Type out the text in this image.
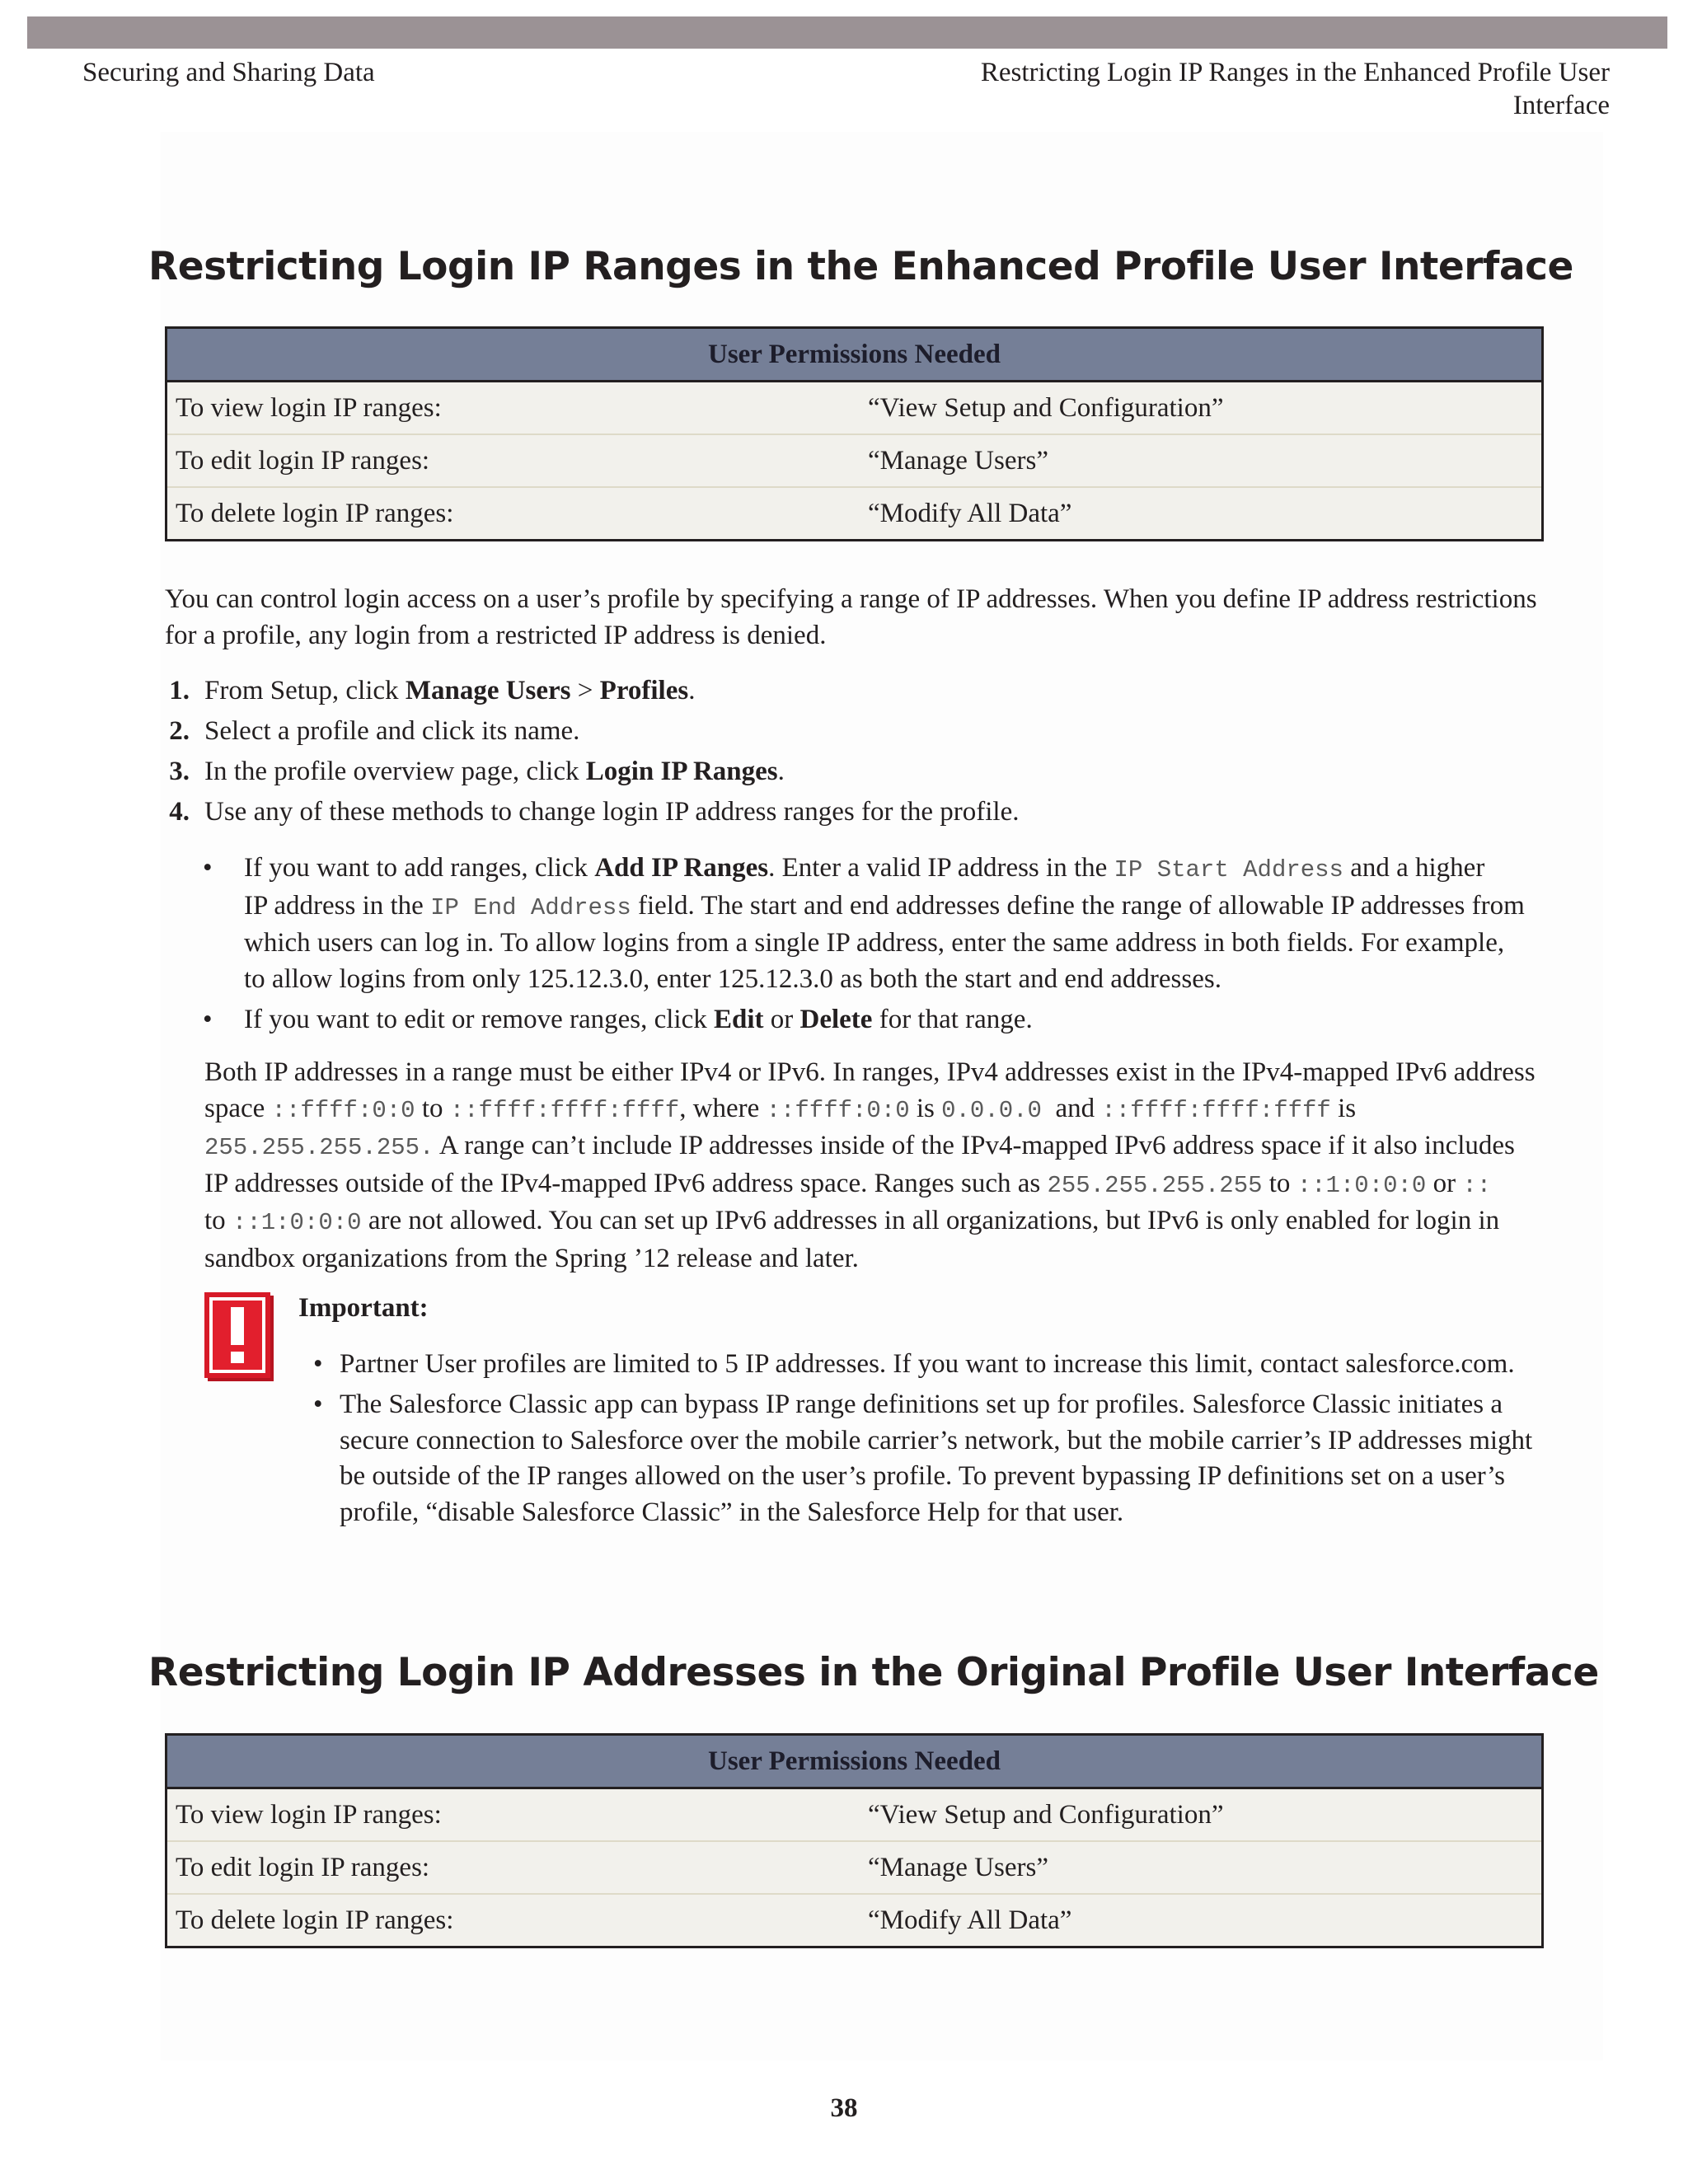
Securing and Sharing Data	Restricting Login IP Ranges in the Enhanced Profile User
Interface
Restricting Login IP Ranges in the Enhanced Profile User Interface
User Permissions Needed	
To view login IP ranges:	“View Setup and Configuration”
To edit login IP ranges:	“Manage Users”
To delete login IP ranges:	“Modify All Data”
You can control login access on a user’s profile by specifying a range of IP addresses. When you define IP address restrictions
for a profile, any login from a restricted IP address is denied.
1. From Setup, click Manage Users > Profiles.
2. Select a profile and click its name.
3. In the profile overview page, click Login IP Ranges.
4. Use any of these methods to change login IP address ranges for the profile.
• If you want to add ranges, click Add IP Ranges. Enter a valid IP address in the IP Start Address and a higher
IP address in the IP End Address field. The start and end addresses define the range of allowable IP addresses from
which users can log in. To allow logins from a single IP address, enter the same address in both fields. For example,
to allow logins from only 125.12.3.0, enter 125.12.3.0 as both the start and end addresses.
• If you want to edit or remove ranges, click Edit or Delete for that range.
Both IP addresses in a range must be either IPv4 or IPv6. In ranges, IPv4 addresses exist in the IPv4-mapped IPv6 address
space ::ffff:0:0 to ::ffff:ffff:ffff, where ::ffff:0:0 is 0.0.0.0  and ::ffff:ffff:ffff is
255.255.255.255. A range can’t include IP addresses inside of the IPv4-mapped IPv6 address space if it also includes
IP addresses outside of the IPv4-mapped IPv6 address space. Ranges such as 255.255.255.255 to ::1:0:0:0 or ::
to ::1:0:0:0 are not allowed. You can set up IPv6 addresses in all organizations, but IPv6 is only enabled for login in
sandbox organizations from the Spring ’12 release and later.
Important:
• Partner User profiles are limited to 5 IP addresses. If you want to increase this limit, contact salesforce.com.
• The Salesforce Classic app can bypass IP range definitions set up for profiles. Salesforce Classic initiates a
secure connection to Salesforce over the mobile carrier’s network, but the mobile carrier’s IP addresses might
be outside of the IP ranges allowed on the user’s profile. To prevent bypassing IP definitions set on a user’s
profile, “disable Salesforce Classic” in the Salesforce Help for that user.
Restricting Login IP Addresses in the Original Profile User Interface
User Permissions Needed	
To view login IP ranges:	“View Setup and Configuration”
To edit login IP ranges:	“Manage Users”
To delete login IP ranges:	“Modify All Data”
38
